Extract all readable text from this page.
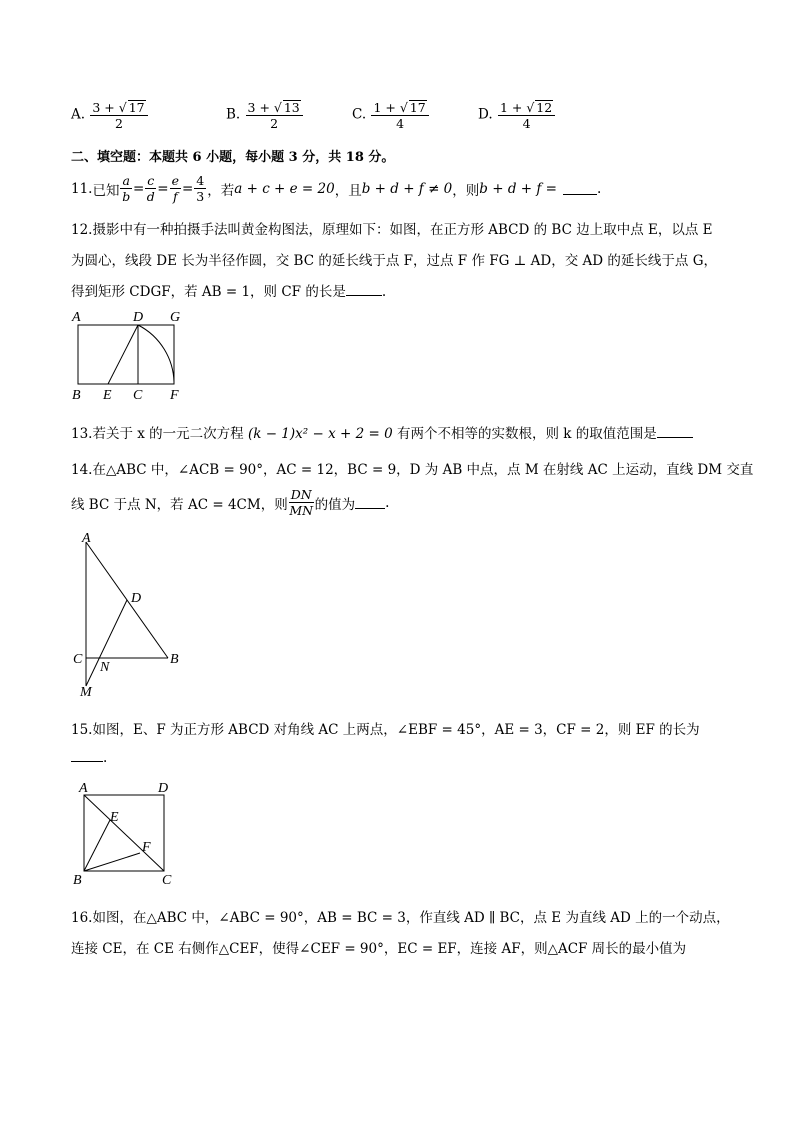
A. $\frac{3 + √ 17}{2}$	B. $\frac{3 + √ 13}{2}$	C. $\frac{1 + √ 17}{4}$	D. $\frac{1 + √ 12}{4}$
二、填空题：本题共 6 小题，每小题 3 分，共 18 分。
11. 已知 $\frac{a}{b} = \frac{c}{d} = \frac{e}{f} = \frac{4}{3}$ ，若 a + c + e = 20 ，且 b + d + f ≠ 0 ，则 b + d + f =	.
12.摄影中有一种拍摄手法叫黄金构图法，原理如下：如图，在正方形 ABCD 的 BC 边上取中点 E，以点 E
为圆心，线段 DE 长为半径作圆，交 BC 的延长线于点 F，过点 F 作 FG ⊥ AD，交 AD 的延长线于点 G，
得到矩形 CDGF，若 AB = 1，则 CF 的长是	.
A	D G
B E C F
13.若关于 x 的一元二次方程 (k − 1)x² − x + 2 = 0 有两个不相等的实数根，则 k 的取值范围是
14.在△ABC 中，∠ACB = 90°，AC = 12，BC = 9，D 为 AB 中点，点 M 在射线 AC 上运动，直线 DM 交直
线 BC 于点 N，若 AC = 4CM，则 $\frac{DN}{MN}$ 的值为 .
A
D
C
N
B
M
15.如图，E、F 为正方形 ABCD 对角线 AC 上两点，∠EBF = 45°，AE = 3，CF = 2，则 EF 的长为
.
A	D
E
F
B	C
16.如图，在△ABC 中，∠ABC = 90°，AB = BC = 3，作直线 AD ∥ BC，点 E 为直线 AD 上的一个动点，
连接 CE，在 CE 右侧作△CEF，使得∠CEF = 90°，EC = EF，连接 AF，则△ACF 周长的最小值为
